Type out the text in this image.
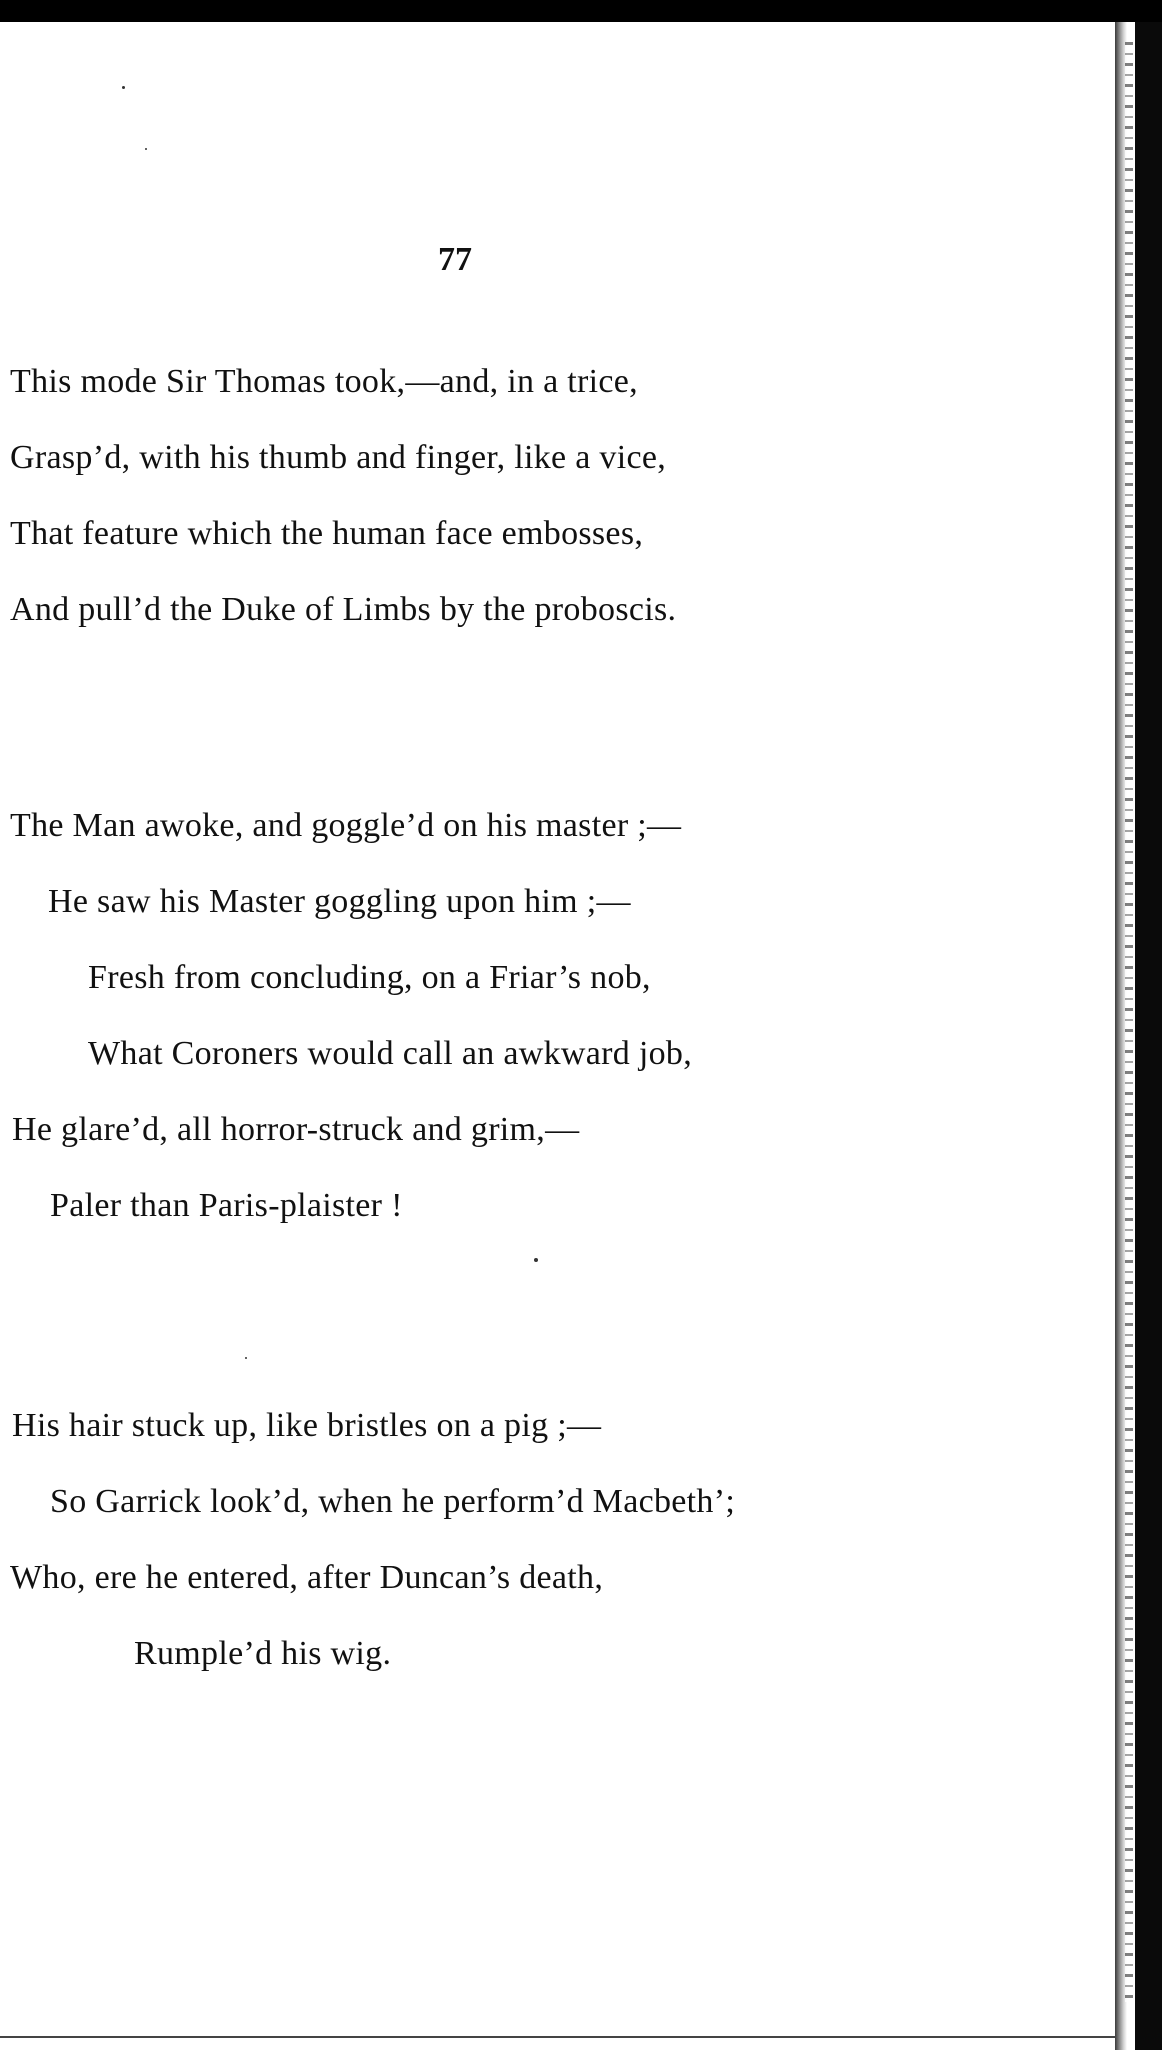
77
This mode Sir Thomas took,—and, in a trice,
Grasp’d, with his thumb and finger, like a vice,
That feature which the human face embosses,
And pull’d the Duke of Limbs by the proboscis.
The Man awoke, and goggle’d on his master ;—
He saw his Master goggling upon him ;—
Fresh from concluding, on a Friar’s nob,
What Coroners would call an awkward job,
He glare’d, all horror-struck and grim,—
Paler than Paris-plaister !
His hair stuck up, like bristles on a pig ;—
So Garrick look’d, when he perform’d Macbeth’;
Who, ere he entered, after Duncan’s death,
Rumple’d his wig.
